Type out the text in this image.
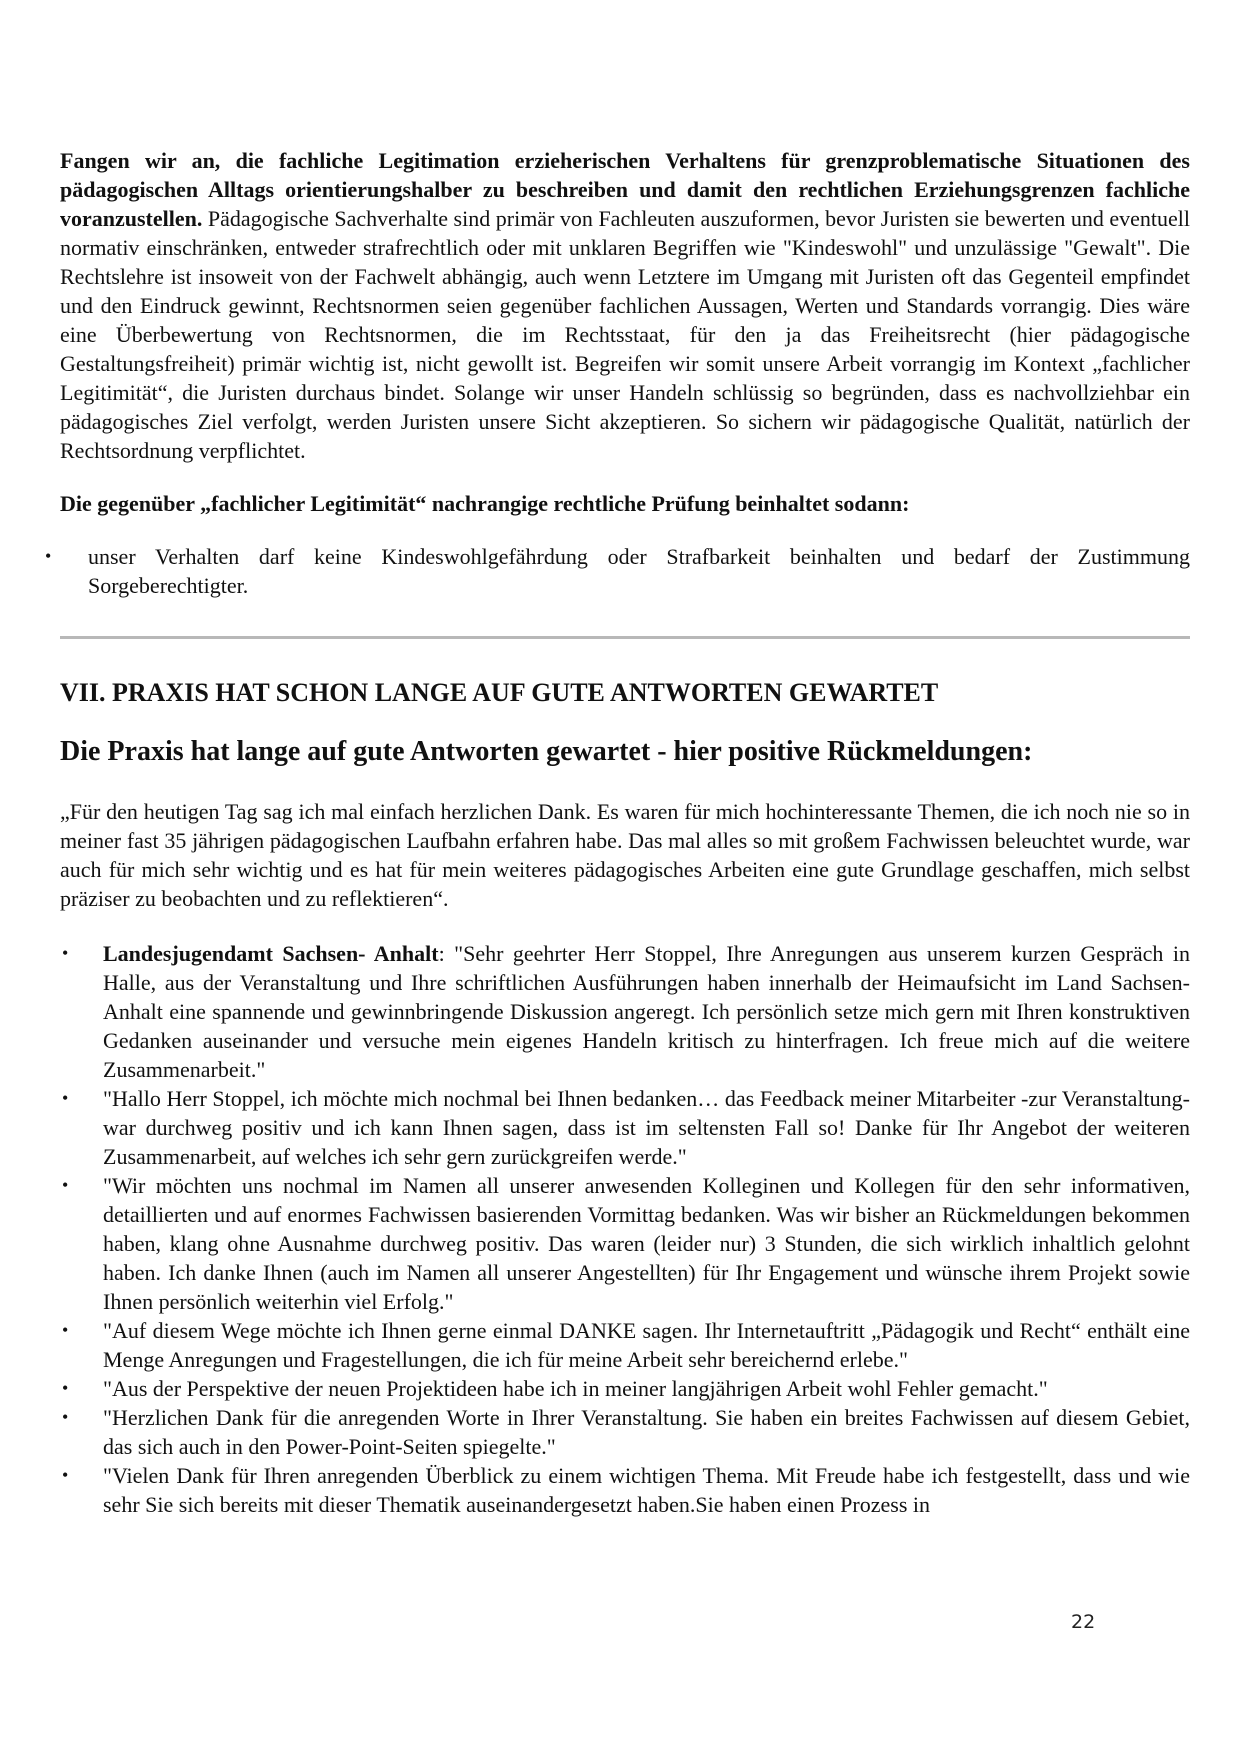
Fangen wir an, die fachliche Legitimation erzieherischen Verhaltens für grenzproblematische Situationen des pädagogischen Alltags orientierungshalber zu beschreiben und damit den rechtlichen Erziehungsgrenzen fachliche voranzustellen. Pädagogische Sachverhalte sind primär von Fachleuten auszuformen, bevor Juristen sie bewerten und eventuell normativ einschränken, entweder strafrechtlich oder mit unklaren Begriffen wie "Kindeswohl" und unzulässige "Gewalt". Die Rechtslehre ist insoweit von der Fachwelt abhängig, auch wenn Letztere im Umgang mit Juristen oft das Gegenteil empfindet und den Eindruck gewinnt, Rechtsnormen seien gegenüber fachlichen Aussagen, Werten und Standards vorrangig. Dies wäre eine Überbewertung von Rechtsnormen, die im Rechtsstaat, für den ja das Freiheitsrecht (hier pädagogische Gestaltungsfreiheit) primär wichtig ist, nicht gewollt ist. Begreifen wir somit unsere Arbeit vorrangig im Kontext „fachlicher Legitimität“, die Juristen durchaus bindet. Solange wir unser Handeln schlüssig so begründen, dass es nachvollziehbar ein pädagogisches Ziel verfolgt, werden Juristen unsere Sicht akzeptieren. So sichern wir pädagogische Qualität, natürlich der Rechtsordnung verpflichtet.

Die gegenüber „fachlicher Legitimität“ nachrangige rechtliche Prüfung beinhaltet sodann:

• unser Verhalten darf keine Kindeswohlgefährdung oder Strafbarkeit beinhalten und bedarf der Zustimmung Sorgeberechtigter.
VII. PRAXIS HAT SCHON LANGE AUF GUTE ANTWORTEN GEWARTET
Die Praxis hat lange auf gute Antworten gewartet - hier positive Rückmeldungen:

„Für den heutigen Tag sag ich mal einfach herzlichen Dank. Es waren für mich hochinteressante Themen, die ich noch nie so in meiner fast 35 jährigen pädagogischen Laufbahn erfahren habe. Das mal alles so mit großem Fachwissen beleuchtet wurde, war auch für mich sehr wichtig und es hat für mein weiteres pädagogisches Arbeiten eine gute Grundlage geschaffen, mich selbst präziser zu beobachten und zu reflektieren“.

• Landesjugendamt Sachsen- Anhalt: "Sehr geehrter Herr Stoppel, Ihre Anregungen aus unserem kurzen Gespräch in Halle, aus der Veranstaltung und Ihre schriftlichen Ausführungen haben innerhalb der Heimaufsicht im Land Sachsen- Anhalt eine spannende und gewinnbringende Diskussion angeregt. Ich persönlich setze mich gern mit Ihren konstruktiven Gedanken auseinander und versuche mein eigenes Handeln kritisch zu hinterfragen. Ich freue mich auf die weitere Zusammenarbeit."
• "Hallo Herr Stoppel, ich möchte mich nochmal bei Ihnen bedanken… das Feedback meiner Mitarbeiter -zur Veranstaltung- war durchweg positiv und ich kann Ihnen sagen, dass ist im seltensten Fall so! Danke für Ihr Angebot der weiteren Zusammenarbeit, auf welches ich sehr gern zurückgreifen werde."
• "Wir möchten uns nochmal im Namen all unserer anwesenden Kolleginen und Kollegen für den sehr informativen, detaillierten und auf enormes Fachwissen basierenden Vormittag bedanken. Was wir bisher an Rückmeldungen bekommen haben, klang ohne Ausnahme durchweg positiv. Das waren (leider nur) 3 Stunden, die sich wirklich inhaltlich gelohnt haben. Ich danke Ihnen (auch im Namen all unserer Angestellten) für Ihr Engagement und wünsche ihrem Projekt sowie Ihnen persönlich weiterhin viel Erfolg."
• "Auf diesem Wege möchte ich Ihnen gerne einmal DANKE sagen. Ihr Internetauftritt „Pädagogik und Recht“ enthält eine Menge Anregungen und Fragestellungen, die ich für meine Arbeit sehr bereichernd erlebe."
• "Aus der Perspektive der neuen Projektideen habe ich in meiner langjährigen Arbeit wohl Fehler gemacht."
• "Herzlichen Dank für die anregenden Worte in Ihrer Veranstaltung. Sie haben ein breites Fachwissen auf diesem Gebiet, das sich auch in den Power-Point-Seiten spiegelte."
• "Vielen Dank für Ihren anregenden Überblick zu einem wichtigen Thema. Mit Freude habe ich festgestellt, dass und wie sehr Sie sich bereits mit dieser Thematik auseinandergesetzt haben.Sie haben einen Prozess in
22
